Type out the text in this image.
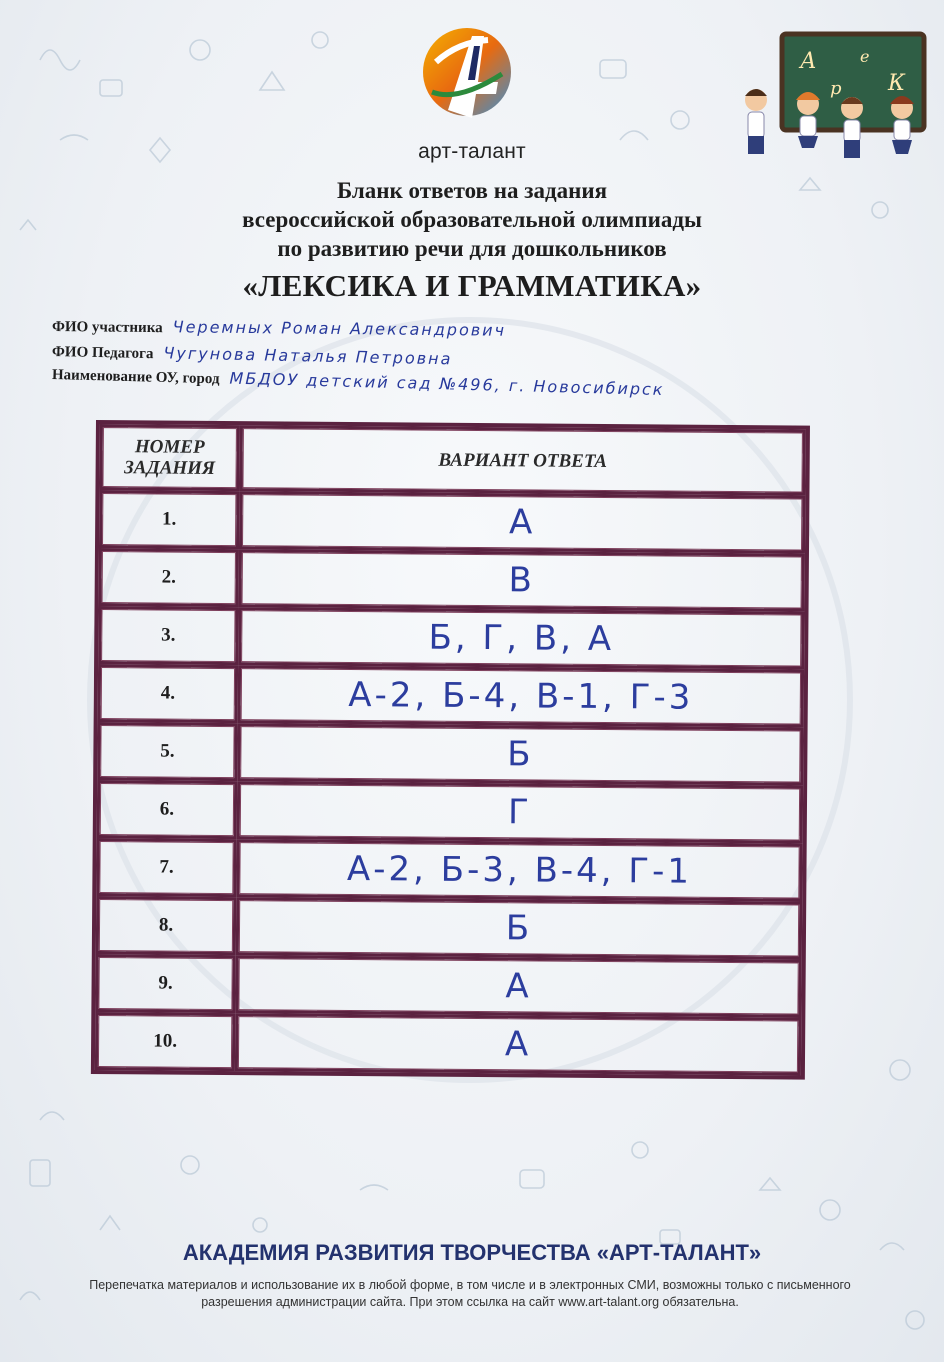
арт-талант
А
р
е
К
Бланк ответов на задания
всероссийской образовательной олимпиады
по развитию речи для дошкольников
«ЛЕКСИКА И ГРАММАТИКА»
ФИО участника Черемных Роман Александрович
ФИО Педагога Чугунова Наталья Петровна
Наименование ОУ, город МБДОУ детский сад №496, г. Новосибирск
НОМЕР ЗАДАНИЯ	ВАРИАНТ ОТВЕТА
1.	А
2.	В
3.	Б, Г, В, А
4.	А-2, Б-4, В-1, Г-3
5.	Б
6.	Г
7.	А-2, Б-3, В-4, Г-1
8.	Б
9.	А
10.	А
АКАДЕМИЯ РАЗВИТИЯ ТВОРЧЕСТВА «АРТ-ТАЛАНТ»
Перепечатка материалов и использование их в любой форме, в том числе и в электронных СМИ, возможны только с письменного разрешения администрации сайта. При этом ссылка на сайт www.art-talant.org обязательна.
